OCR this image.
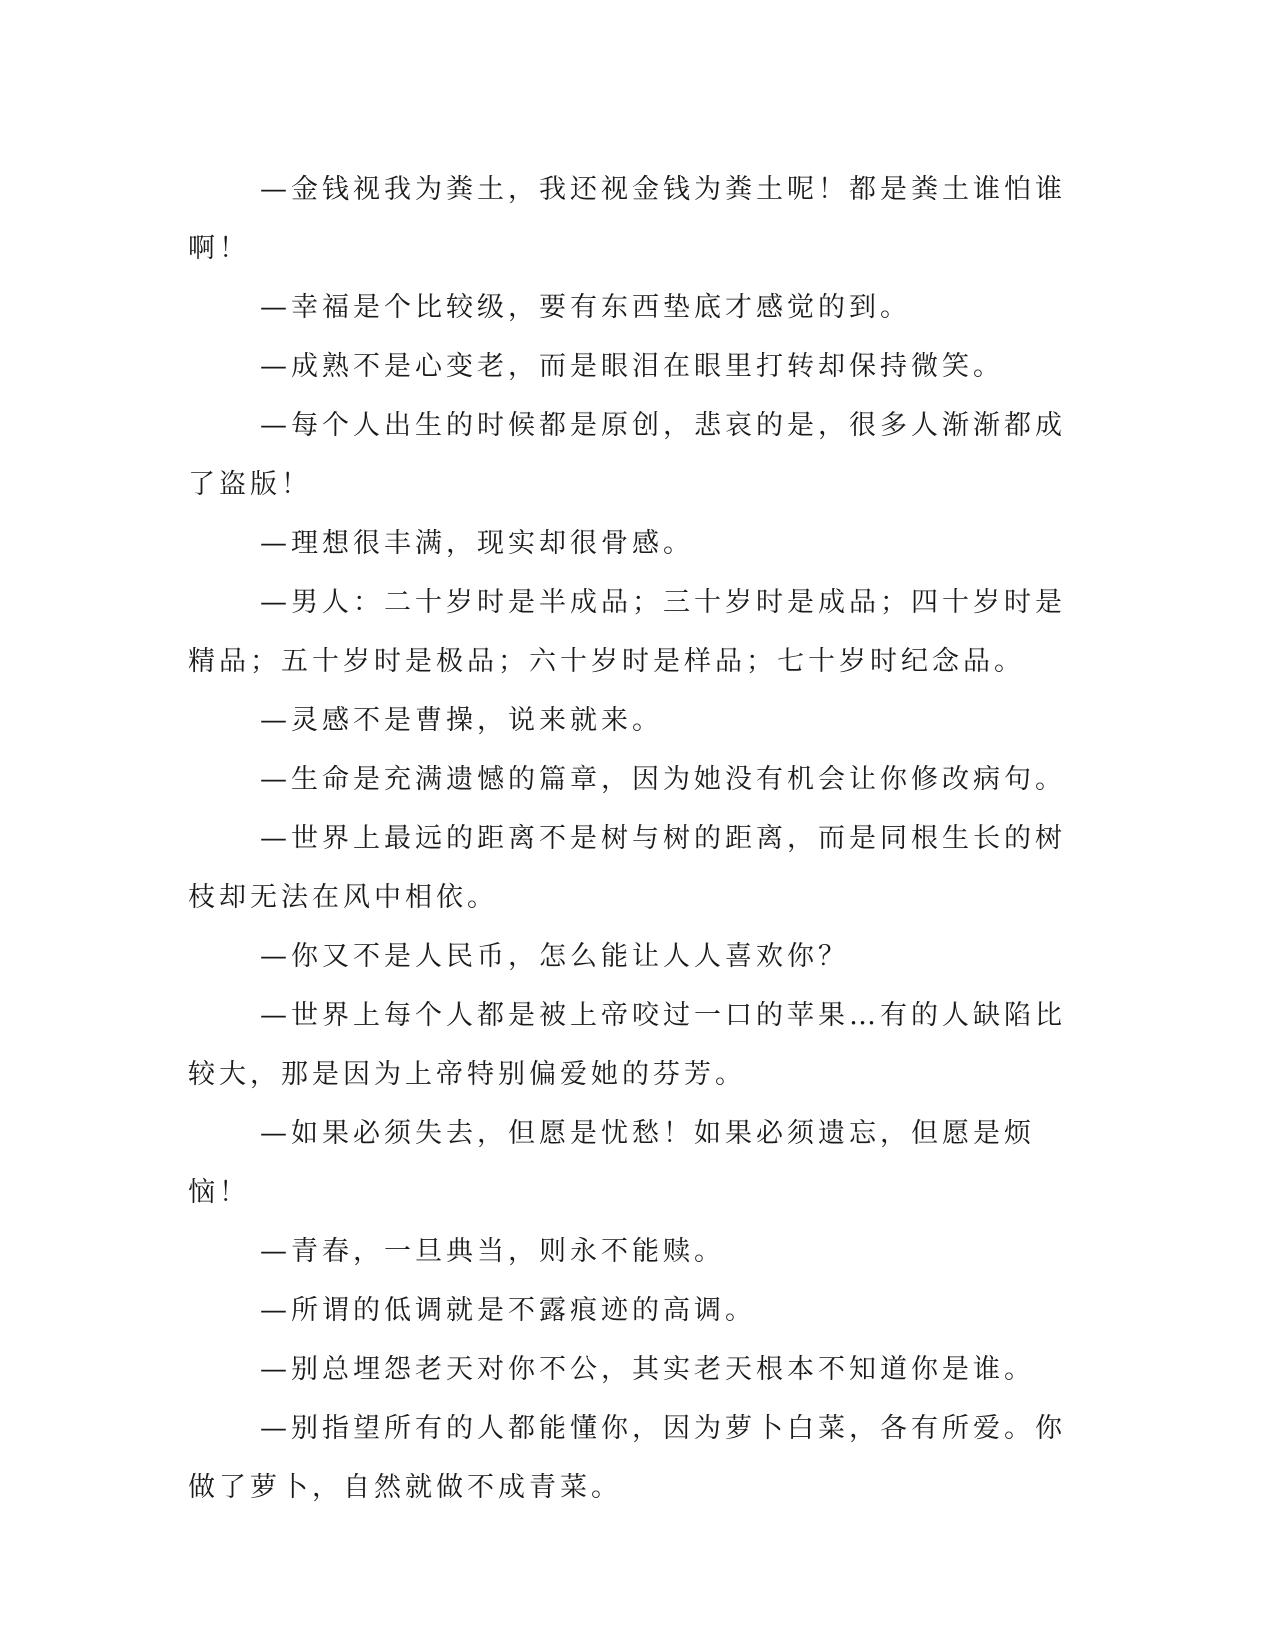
—金钱视我为粪土，我还视金钱为粪土呢！都是粪土谁怕谁啊！

—幸福是个比较级，要有东西垫底才感觉的到。

—成熟不是心变老，而是眼泪在眼里打转却保持微笑。

—每个人出生的时候都是原创，悲哀的是，很多人渐渐都成了盗版！

—理想很丰满，现实却很骨感。

—男人：二十岁时是半成品；三十岁时是成品；四十岁时是精品；五十岁时是极品；六十岁时是样品；七十岁时纪念品。

—灵感不是曹操，说来就来。

—生命是充满遗憾的篇章，因为她没有机会让你修改病句。

—世界上最远的距离不是树与树的距离，而是同根生长的树枝却无法在风中相依。

—你又不是人民币，怎么能让人人喜欢你？

—世界上每个人都是被上帝咬过一口的苹果…有的人缺陷比较大，那是因为上帝特别偏爱她的芬芳。

—如果必须失去，但愿是忧愁！如果必须遗忘，但愿是烦恼！

—青春，一旦典当，则永不能赎。

—所谓的低调就是不露痕迹的高调。

—别总埋怨老天对你不公，其实老天根本不知道你是谁。

—别指望所有的人都能懂你，因为萝卜白菜，各有所爱。你做了萝卜，自然就做不成青菜。
